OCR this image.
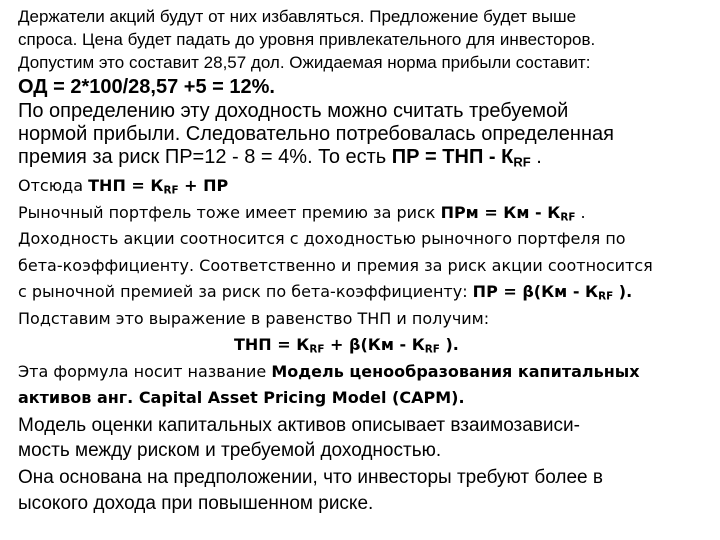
Держатели акций будут от них избавляться. Предложение будет выше
спроса. Цена будет падать до уровня привлекательного для инвесторов.
Допустим это составит 28,57 дол. Ожидаемая норма прибыли составит:
ОД = 2*100/28,57 +5 = 12%.
По определению эту доходность можно считать требуемой
нормой прибыли. Следовательно потребовалась определенная
премия за риск ПР=12 - 8 = 4%. То есть ПР = ТНП - $К_{RF}$ .
Отсюда ТНП = $К_{RF}$ + ПР
Рыночный портфель тоже имеет премию за риск ПРм = Км - $К_{RF}$ .
Доходность акции соотносится с доходностью рыночного портфеля по
бета-коэффициенту. Соответственно и премия за риск акции соотносится
с рыночной премией за риск по бета-коэффициенту: ПР = $\beta(Км - К_{RF}$ ).
Подставим это выражение в равенство ТНП и получим:
ТНП = $К_{RF} + \beta(Км - К_{RF}$ ).
Эта формула носит название Модель ценообразования капитальных
активов анг. Capital Asset Pricing Model (CAPM).
Модель оценки капитальных активов описывает взаимозависи-
мость между риском и требуемой доходностью.
Она основана на предположении, что инвесторы требуют более в
ысокого дохода при повышенном риске.
